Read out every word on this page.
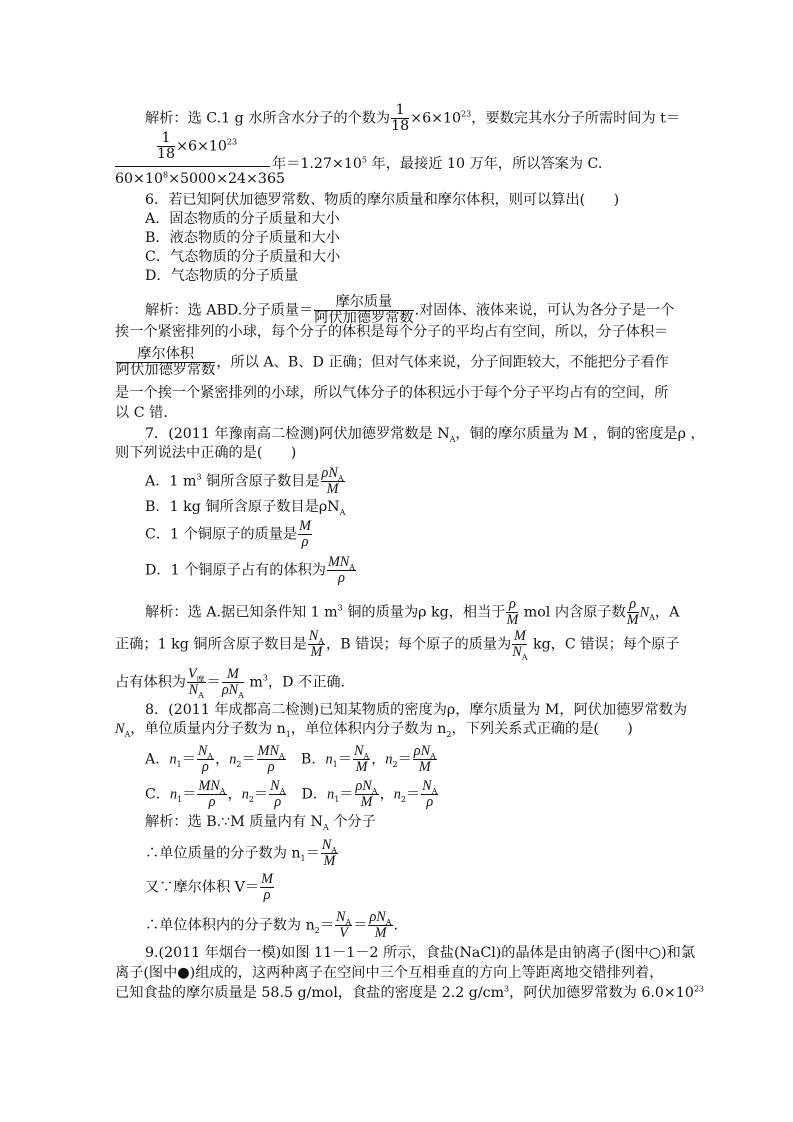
解析：选 C.1 g 水所含水分子的个数为 $\frac{1}{18} \times 6\times 10^{23}$，要数完其水分子所需时间为 t＝
$\frac{1}{18} \times 6\times 10^{23}$
年$=1.27\times 10^5$ 年，最接近 10 万年，所以答案为 C.
$60\times 10^8\times 5000\times 24\times 365$
6．若已知阿伏加德罗常数、物质的摩尔质量和摩尔体积，则可以算出(　　)
A．固态物质的分子质量和大小
B．液态物质的分子质量和大小
C．气态物质的分子质量和大小
D．气态物质的分子质量
解析：选 ABD.分子质量＝
摩尔质量
阿伏加德罗常数 .对固体、液体来说，可认为各分子是一个
挨一个紧密排列的小球，每个分子的体积是每个分子的平均占有空间，所以，分子体积＝
摩尔体积
阿伏加德罗常数 ，所以 A、B、D 正确；但对气体来说，分子间距较大，不能把分子看作
是一个挨一个紧密排列的小球，所以气体分子的体积远小于每个分子平均占有的空间，所
以 C 错．
7．(2011 年豫南高二检测)阿伏加德罗常数是 $N_A$，铜的摩尔质量为 M ，铜的密度是ρ ，
则下列说法中正确的是(　　)
A．1 $m^3$ 铜所含原子数目是
$\rho N_A$
M
B．1 kg 铜所含原子数目是$\rho N_A$
C．1 个铜原子的质量是 $\frac{M}{\rho}$
D．1 个铜原子占有的体积为
$MN_A$
ρ
解析：选 A.据已知条件知 1 $m^3$ 铜的质量为ρ kg，相当于 $\frac{\rho}{M}$ mol 内含原子数 $\frac{\rho}{M} N_A$，A
正确；1 kg 铜所含原子数目是 $\frac{N_A}{M}$ ，B 错误；每个原子的质量为 $\frac{M}{N_A}$ kg，C 错误；每个原子
占有体积为
$V_摩$
$N_A$
＝
M
$\rho N_A$
$m^3$，D 不正确．
8．(2011 年成都高二检测)已知某物质的密度为ρ，摩尔质量为 M，阿伏加德罗常数为
$N_A$，单位质量内分子数为 $n_1$，单位体积内分子数为 $n_2$，下列关系式正确的是(　　)
A．$n_1= \frac{N_A}{\rho}$ ，$n_2=$
$MN_A$
ρ 　B．$n_1= \frac{N_A}{M}$ ，$n_2=$
$\rho N_A$
M
C．$n_1=$
$MN_A$
ρ ，$n_2= \frac{N_A}{\rho}$ 　D．$n_1=$
$\rho N_A$
M ，$n_2= \frac{N_A}{\rho}$
解析：选 B.∵M 质量内有 $N_A$ 个分子
∴单位质量的分子数为 $n_1= \frac{N_A}{M}$
又∵摩尔体积 $V= \frac{M}{\rho}$
∴单位体积内的分子数为 $n_2= \frac{N_A}{V}$ ＝
$\rho N_A$
M .
9.(2011 年烟台一模)如图 11－1－2 所示，食盐(NaCl)的晶体是由钠离子(图中○)和氯
离子(图中●)组成的，这两种离子在空间中三个互相垂直的方向上等距离地交错排列着，
已知食盐的摩尔质量是 58.5 g/mol，食盐的密度是 2.2 $g/cm^3$，阿伏加德罗常数为 $6.0\times 10^{23}$
